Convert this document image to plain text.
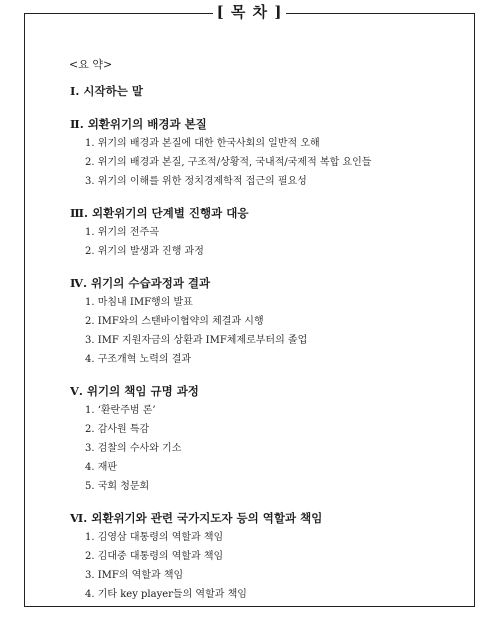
[ 목 차 ]
<요 약>
Ⅰ. 시작하는 말
Ⅱ. 외환위기의 배경과 본질
1. 위기의 배경과 본질에 대한 한국사회의 일반적 오해
2. 위기의 배경과 본질, 구조적/상황적, 국내적/국제적 복합 요인들
3. 위기의 이해를 위한 정치경제학적 접근의 필요성
Ⅲ. 외환위기의 단계별 진행과 대응
1. 위기의 전주곡
2. 위기의 발생과 진행 과정
Ⅳ. 위기의 수습과정과 결과
1. 마침내 IMF행의 발표
2. IMF와의 스탠바이협약의 체결과 시행
3. IMF 지원자금의 상환과 IMF체제로부터의 졸업
4. 구조개혁 노력의 결과
Ⅴ. 위기의 책임 규명 과정
1. ‘환란주범 론’
2. 감사원 특감
3. 검찰의 수사와 기소
4. 재판
5. 국회 청문회
Ⅵ. 외환위기와 관련 국가지도자 등의 역할과 책임
1. 김영삼 대통령의 역할과 책임
2. 김대중 대통령의 역할과 책임
3. IMF의 역할과 책임
4. 기타 key player들의 역할과 책임
